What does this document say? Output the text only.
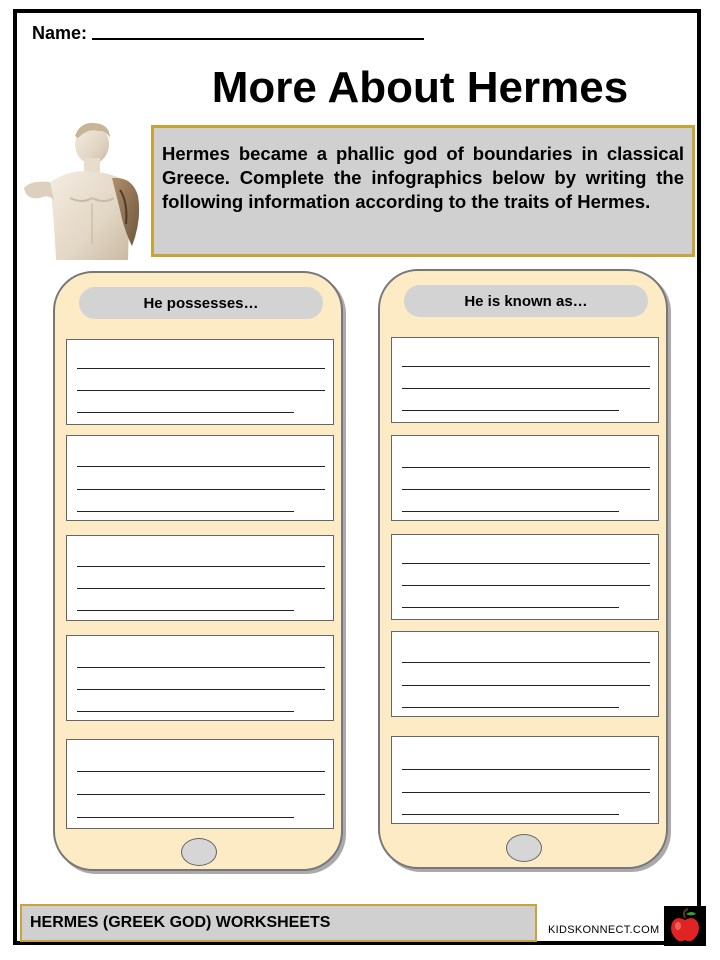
Name:
More About Hermes

Hermes became a phallic god of boundaries in classical Greece. Complete the infographics below by writing the following information according to the traits of Hermes.

He possesses…	He is known as…
HERMES (GREEK GOD) WORKSHEETS	KIDSKONNECT.COM
